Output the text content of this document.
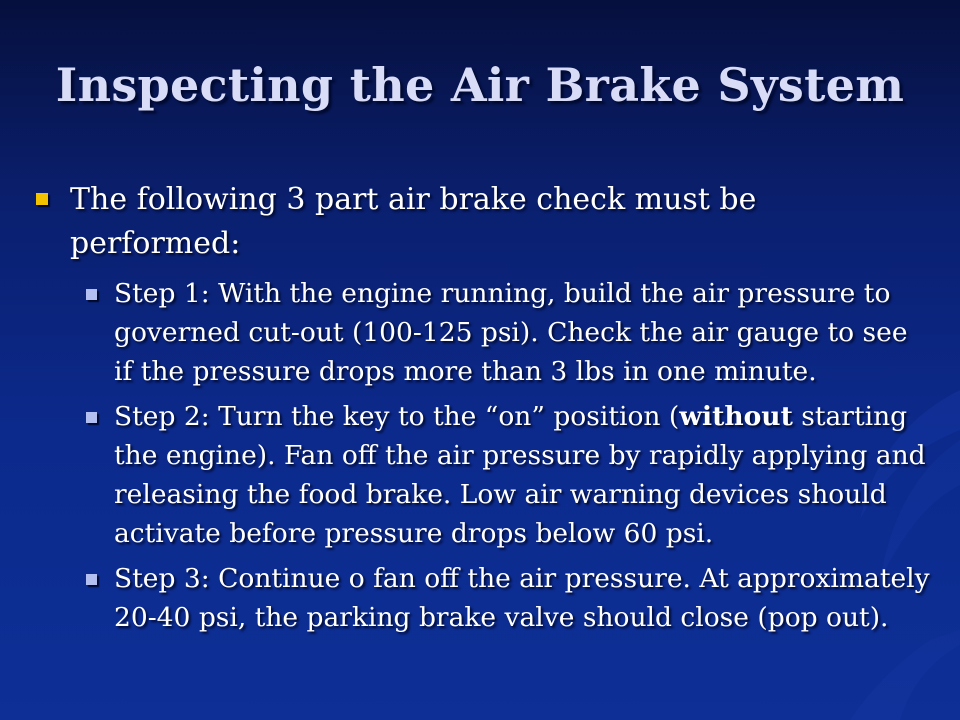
Inspecting the Air Brake System

The following 3 part air brake check must be performed:

Step 1: With the engine running, build the air pressure to governed cut-out (100-125 psi). Check the air gauge to see if the pressure drops more than 3 lbs in one minute.

Step 2: Turn the key to the “on” position (without starting the engine). Fan off the air pressure by rapidly applying and releasing the food brake. Low air warning devices should activate before pressure drops below 60 psi.

Step 3: Continue o fan off the air pressure. At approximately 20-40 psi, the parking brake valve should close (pop out).
